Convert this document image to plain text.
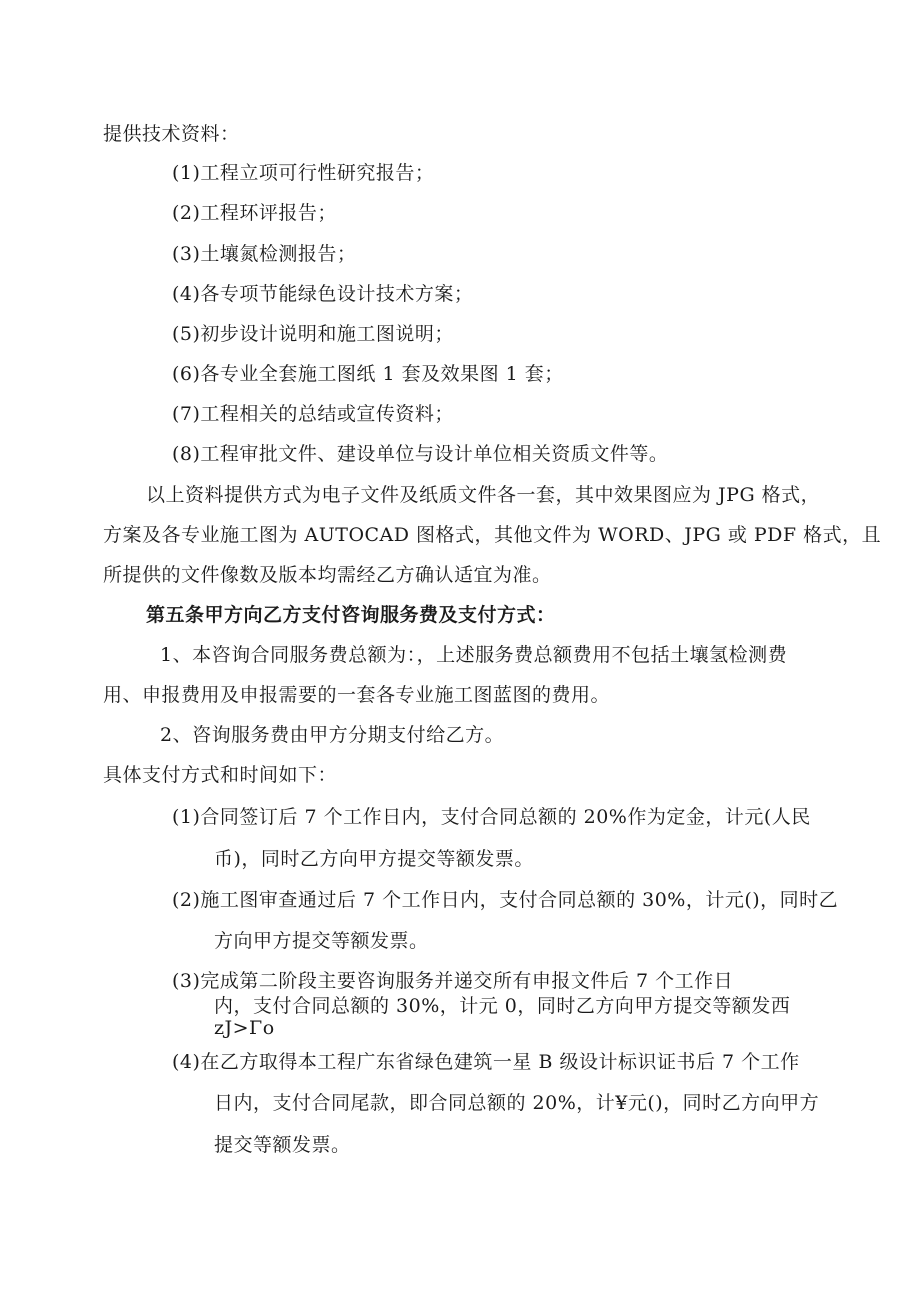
提供技术资料：
(1)工程立项可行性研究报告；
(2)工程环评报告；
(3)土壤氮检测报告；
(4)各专项节能绿色设计技术方案；
(5)初步设计说明和施工图说明；
(6)各专业全套施工图纸 1 套及效果图 1 套；
(7)工程相关的总结或宣传资料；
(8)工程审批文件、建设单位与设计单位相关资质文件等。
以上资料提供方式为电子文件及纸质文件各一套，其中效果图应为 JPG 格式，
方案及各专业施工图为 AUTOCAD 图格式，其他文件为 WORD、JPG 或 PDF 格式，且
所提供的文件像数及版本均需经乙方确认适宜为准。
第五条甲方向乙方支付咨询服务费及支付方式：
1、本咨询合同服务费总额为：，上述服务费总额费用不包括土壤氢检测费
用、申报费用及申报需要的一套各专业施工图蓝图的费用。
2、咨询服务费由甲方分期支付给乙方。
具体支付方式和时间如下：
(1)合同签订后 7 个工作日内，支付合同总额的 20%作为定金，计元(人民
币)，同时乙方向甲方提交等额发票。
(2)施工图审查通过后 7 个工作日内，支付合同总额的 30%，计元()，同时乙
方向甲方提交等额发票。
(3)完成第二阶段主要咨询服务并递交所有申报文件后 7 个工作日
内，支付合同总额的 30%，计元 0，同时乙方向甲方提交等额发西
zJ>Γo
(4)在乙方取得本工程广东省绿色建筑一星 B 级设计标识证书后 7 个工作
日内，支付合同尾款，即合同总额的 20%，计¥元()，同时乙方向甲方
提交等额发票。
